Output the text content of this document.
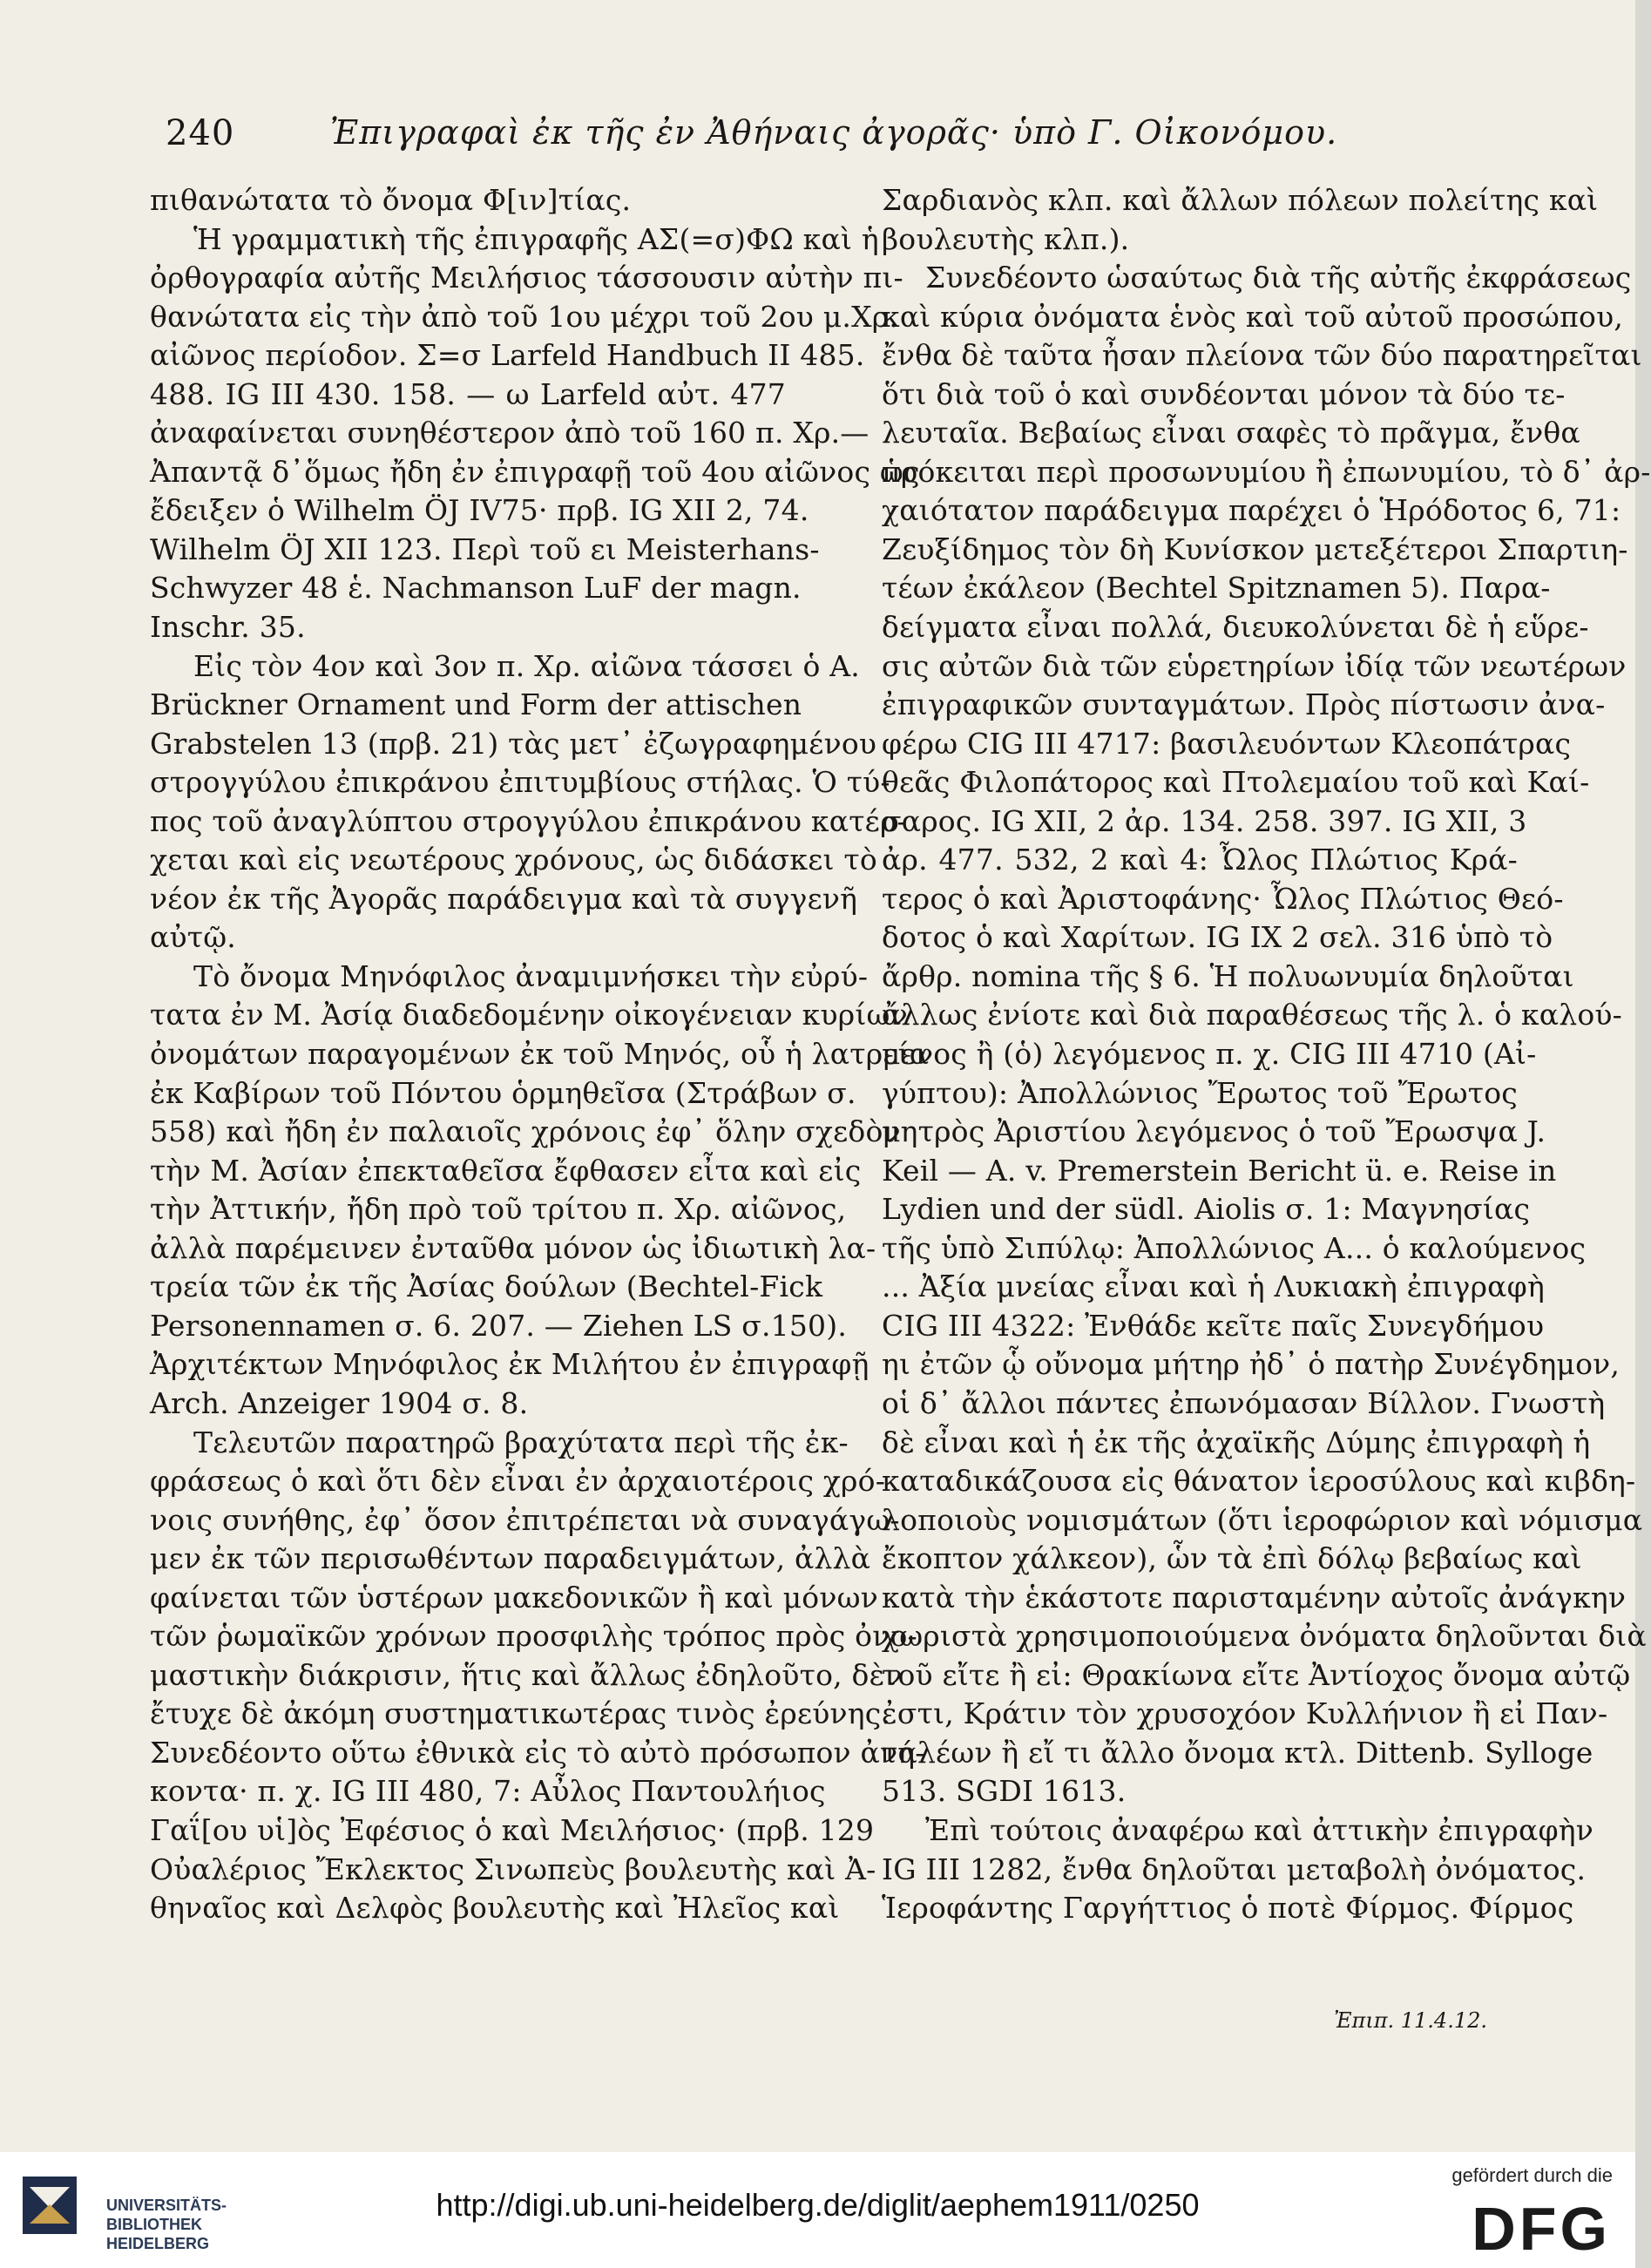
240	Ἐπιγραφαὶ ἐκ τῆς ἐν Ἀθήναις ἀγορᾶς· ὑπὸ Γ. Οἰκονόμου.
πιθανώτατα τὸ ὄνομα Φ[ιν]τίας.
Ἡ γραμματικὴ τῆς ἐπιγραφῆς ΑΣ(=σ)ΦΩ καὶ ἡ
ὀρθογραφία αὐτῆς Μειλήσιος τάσσουσιν αὐτὴν πι-
θανώτατα εἰς τὴν ἀπὸ τοῦ 1ου μέχρι τοῦ 2ου μ.Χρ.
αἰῶνος περίοδον. Σ=σ Larfeld Handbuch II 485.
488. IG III 430. 158. — ω Larfeld αὐτ. 477
ἀναφαίνεται συνηθέστερον ἀπὸ τοῦ 160 π. Χρ.—
Ἀπαντᾷ δ᾽ὅμως ἤδη ἐν ἐπιγραφῇ τοῦ 4ου αἰῶνος ὡς
ἔδειξεν ὁ Wilhelm ÖJ IV75· πρβ. IG XII 2, 74.
Wilhelm ÖJ XII 123. Περὶ τοῦ ει Meisterhans-
Schwyzer 48 ἑ. Nachmanson LuF der magn.
Inschr. 35.
Εἰς τὸν 4ον καὶ 3ον π. Χρ. αἰῶνα τάσσει ὁ A.
Brückner Ornament und Form der attischen
Grabstelen 13 (πρβ. 21) τὰς μετ᾽ ἐζωγραφημένου
στρογγύλου ἐπικράνου ἐπιτυμβίους στήλας. Ὁ τύ-
πος τοῦ ἀναγλύπτου στρογγύλου ἐπικράνου κατέρ-
χεται καὶ εἰς νεωτέρους χρόνους, ὡς διδάσκει τὸ
νέον ἐκ τῆς Ἀγορᾶς παράδειγμα καὶ τὰ συγγενῆ
αὐτῷ.
Τὸ ὄνομα Μηνόφιλος ἀναμιμνήσκει τὴν εὐρύ-
τατα ἐν Μ. Ἀσίᾳ διαδεδομένην οἰκογένειαν κυρίων
ὀνομάτων παραγομένων ἐκ τοῦ Μηνός, οὗ ἡ λατρεία
ἐκ Καβίρων τοῦ Πόντου ὁρμηθεῖσα (Στράβων σ.
558) καὶ ἤδη ἐν παλαιοῖς χρόνοις ἐφ᾽ ὅλην σχεδὸν
τὴν Μ. Ἀσίαν ἐπεκταθεῖσα ἔφθασεν εἶτα καὶ εἰς
τὴν Ἀττικήν, ἤδη πρὸ τοῦ τρίτου π. Χρ. αἰῶνος,
ἀλλὰ παρέμεινεν ἐνταῦθα μόνον ὡς ἰδιωτικὴ λα-
τρεία τῶν ἐκ τῆς Ἀσίας δούλων (Bechtel-Fick
Personennamen σ. 6. 207. — Ziehen LS σ.150).
Ἀρχιτέκτων Μηνόφιλος ἐκ Μιλήτου ἐν ἐπιγραφῇ
Arch. Anzeiger 1904 σ. 8.
Τελευτῶν παρατηρῶ βραχύτατα περὶ τῆς ἐκ-
φράσεως ὁ καὶ ὅτι δὲν εἶναι ἐν ἀρχαιοτέροις χρό-
νοις συνήθης, ἐφ᾽ ὅσον ἐπιτρέπεται νὰ συναγάγω-
μεν ἐκ τῶν περισωθέντων παραδειγμάτων, ἀλλὰ
φαίνεται τῶν ὑστέρων μακεδονικῶν ἢ καὶ μόνων
τῶν ῥωμαϊκῶν χρόνων προσφιλὴς τρόπος πρὸς ὀνο-
μαστικὴν διάκρισιν, ἥτις καὶ ἄλλως ἐδηλοῦτο, δὲν
ἔτυχε δὲ ἀκόμη συστηματικωτέρας τινὸς ἐρεύνης.
Συνεδέοντο οὕτω ἐθνικὰ εἰς τὸ αὐτὸ πρόσωπον ἀνή-
κοντα· π. χ. IG III 480, 7: Αὖλος Παντουλήιος
Γαΐ[ου υἱ]ὸς Ἐφέσιος ὁ καὶ Μειλήσιος· (πρβ. 129
Οὐαλέριος Ἔκλεκτος Σινωπεὺς βουλευτὴς καὶ Ἀ-
θηναῖος καὶ Δελφὸς βουλευτὴς καὶ Ἠλεῖος καὶ
Σαρδιανὸς κλπ. καὶ ἄλλων πόλεων πολείτης καὶ
βουλευτὴς κλπ.).
Συνεδέοντο ὡσαύτως διὰ τῆς αὐτῆς ἐκφράσεως
καὶ κύρια ὀνόματα ἑνὸς καὶ τοῦ αὐτοῦ προσώπου,
ἔνθα δὲ ταῦτα ἦσαν πλείονα τῶν δύο παρατηρεῖται
ὅτι διὰ τοῦ ὁ καὶ συνδέονται μόνον τὰ δύο τε-
λευταῖα. Βεβαίως εἶναι σαφὲς τὸ πρᾶγμα, ἔνθα
πρόκειται περὶ προσωνυμίου ἢ ἐπωνυμίου, τὸ δ᾽ ἀρ-
χαιότατον παράδειγμα παρέχει ὁ Ἡρόδοτος 6, 71:
Ζευξίδημος τὸν δὴ Κυνίσκον μετεξέτεροι Σπαρτιη-
τέων ἐκάλεον (Bechtel Spitznamen 5). Παρα-
δείγματα εἶναι πολλά, διευκολύνεται δὲ ἡ εὕρε-
σις αὐτῶν διὰ τῶν εὑρετηρίων ἰδίᾳ τῶν νεωτέρων
ἐπιγραφικῶν συνταγμάτων. Πρὸς πίστωσιν ἀνα-
φέρω CIG III 4717: βασιλευόντων Κλεοπάτρας
θεᾶς Φιλοπάτορος καὶ Πτολεμαίου τοῦ καὶ Καί-
σαρος. IG XII, 2 ἀρ. 134. 258. 397. IG XII, 3
ἀρ. 477. 532, 2 καὶ 4: Ὦλος Πλώτιος Κρά-
τερος ὁ καὶ Ἀριστοφάνης· Ὦλος Πλώτιος Θεό-
δοτος ὁ καὶ Χαρίτων. IG IX 2 σελ. 316 ὑπὸ τὸ
ἄρθρ. nomina τῆς § 6. Ἡ πολυωνυμία δηλοῦται
ἄλλως ἐνίοτε καὶ διὰ παραθέσεως τῆς λ. ὁ καλού-
μενος ἢ (ὁ) λεγόμενος π. χ. CIG III 4710 (Αἰ-
γύπτου): Ἀπολλώνιος Ἔρωτος τοῦ Ἔρωτος
μητρὸς Ἀριστίου λεγόμενος ὁ τοῦ Ἔρωσψα J.
Keil — A. v. Premerstein Bericht ü. e. Reise in
Lydien und der südl. Aiolis σ. 1: Μαγνησίας
τῆς ὑπὸ Σιπύλῳ: Ἀπολλώνιος Α... ὁ καλούμενος
... Ἀξία μνείας εἶναι καὶ ἡ Λυκιακὴ ἐπιγραφὴ
CIG III 4322: Ἐνθάδε κεῖτε παῖς Συνεγδήμου
ηι ἐτῶν ᾧ οὔνομα μήτηρ ἠδ᾽ ὁ πατὴρ Συνέγδημον,
οἱ δ᾽ ἄλλοι πάντες ἐπωνόμασαν Βίλλον. Γνωστὴ
δὲ εἶναι καὶ ἡ ἐκ τῆς ἀχαϊκῆς Δύμης ἐπιγραφὴ ἡ
καταδικάζουσα εἰς θάνατον ἱεροσύλους καὶ κιβδη-
λοποιοὺς νομισμάτων (ὅτι ἱεροφώριον καὶ νόμισμα
ἔκοπτον χάλκεον), ὧν τὰ ἐπὶ δόλῳ βεβαίως καὶ
κατὰ τὴν ἑκάστοτε παρισταμένην αὐτοῖς ἀνάγκην
χωριστὰ χρησιμοποιούμενα ὀνόματα δηλοῦνται διὰ
τοῦ εἴτε ἢ εἰ: Θρακίωνα εἴτε Ἀντίοχος ὄνομα αὐτῷ
ἐστι, Κράτιν τὸν χρυσοχόον Κυλλήνιον ἢ εἰ Παν-
ταλέων ἢ εἴ τι ἄλλο ὄνομα κτλ. Dittenb. Sylloge
513. SGDI 1613.
Ἐπὶ τούτοις ἀναφέρω καὶ ἀττικὴν ἐπιγραφὴν
IG III 1282, ἔνθα δηλοῦται μεταβολὴ ὀνόματος.
Ἱεροφάντης Γαργήττιος ὁ ποτὲ Φίρμος. Φίρμος
Ἐπιπ. 11.4.12.
UNIVERSITÄTS-
BIBLIOTHEK
HEIDELBERG
http://digi.ub.uni-heidelberg.de/diglit/aephem1911/0250
gefördert durch die
DFG
